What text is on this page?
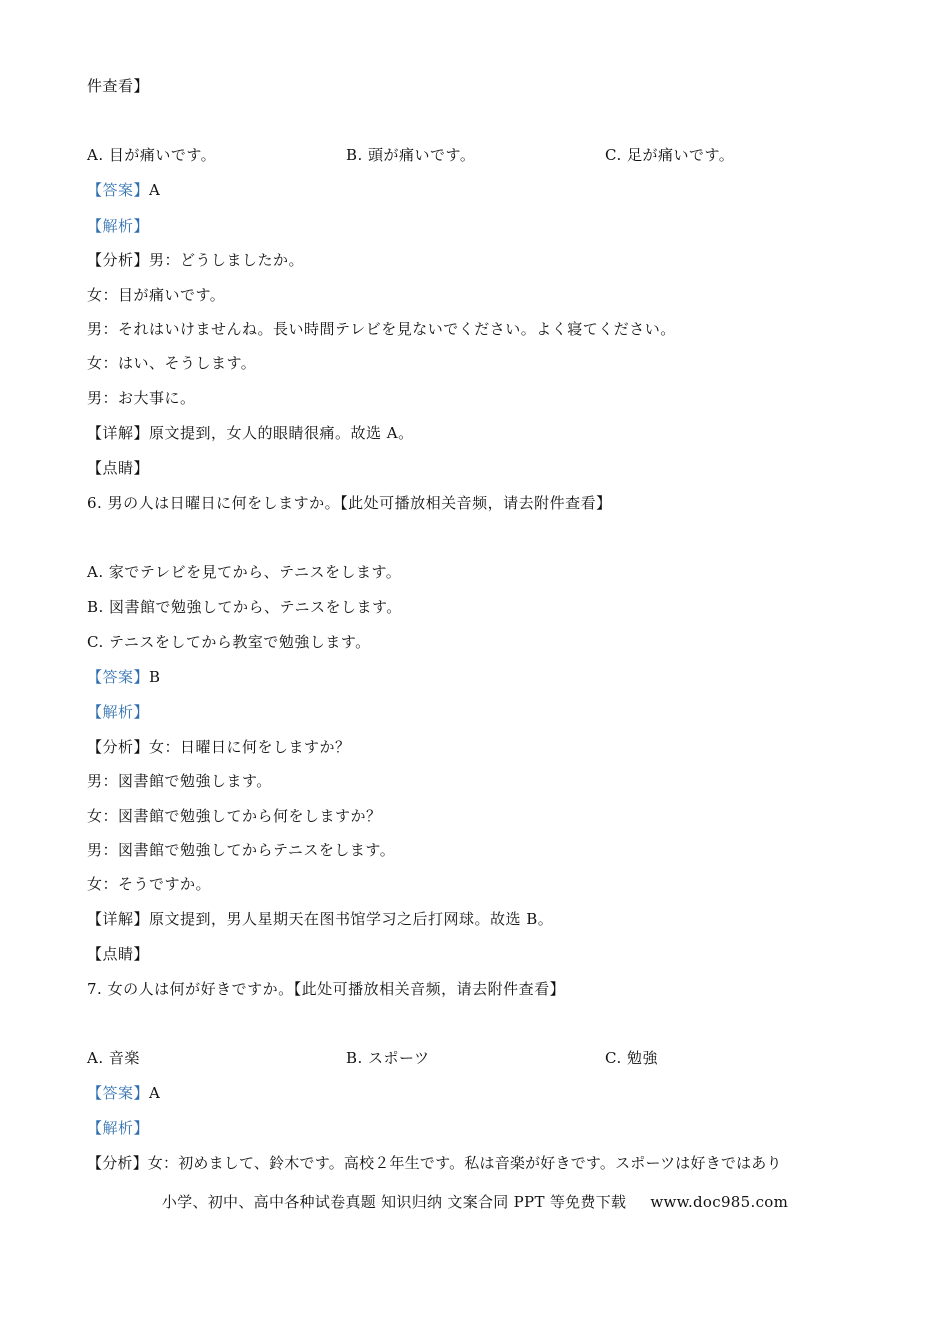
件查看】
A. 目が痛いです。	B. 頭が痛いです。	C. 足が痛いです。
【答案】A
【解析】
【分析】男：どうしましたか。
女：目が痛いです。
男：それはいけませんね。長い時間テレビを見ないでください。よく寝てください。
女：はい、そうします。
男：お大事に。
【详解】原文提到，女人的眼睛很痛。故选 A。
【点睛】
6. 男の人は日曜日に何をしますか。【此处可播放相关音频，请去附件查看】
A. 家でテレビを見てから、テニスをします。
B. 図書館で勉強してから、テニスをします。
C. テニスをしてから教室で勉強します。
【答案】B
【解析】
【分析】女：日曜日に何をしますか？
男：図書館で勉強します。
女：図書館で勉強してから何をしますか？
男：図書館で勉強してからテニスをします。
女：そうですか。
【详解】原文提到，男人星期天在图书馆学习之后打网球。故选 B。
【点睛】
7. 女の人は何が好きですか。【此处可播放相关音频，请去附件查看】
A. 音楽	B. スポーツ	C. 勉強
【答案】A
【解析】
【分析】女：初めまして、鈴木です。高校２年生です。私は音楽が好きです。スポーツは好きではあり
小学、初中、高中各种试卷真题 知识归纳 文案合同 PPT 等免费下载 www.doc985.com
